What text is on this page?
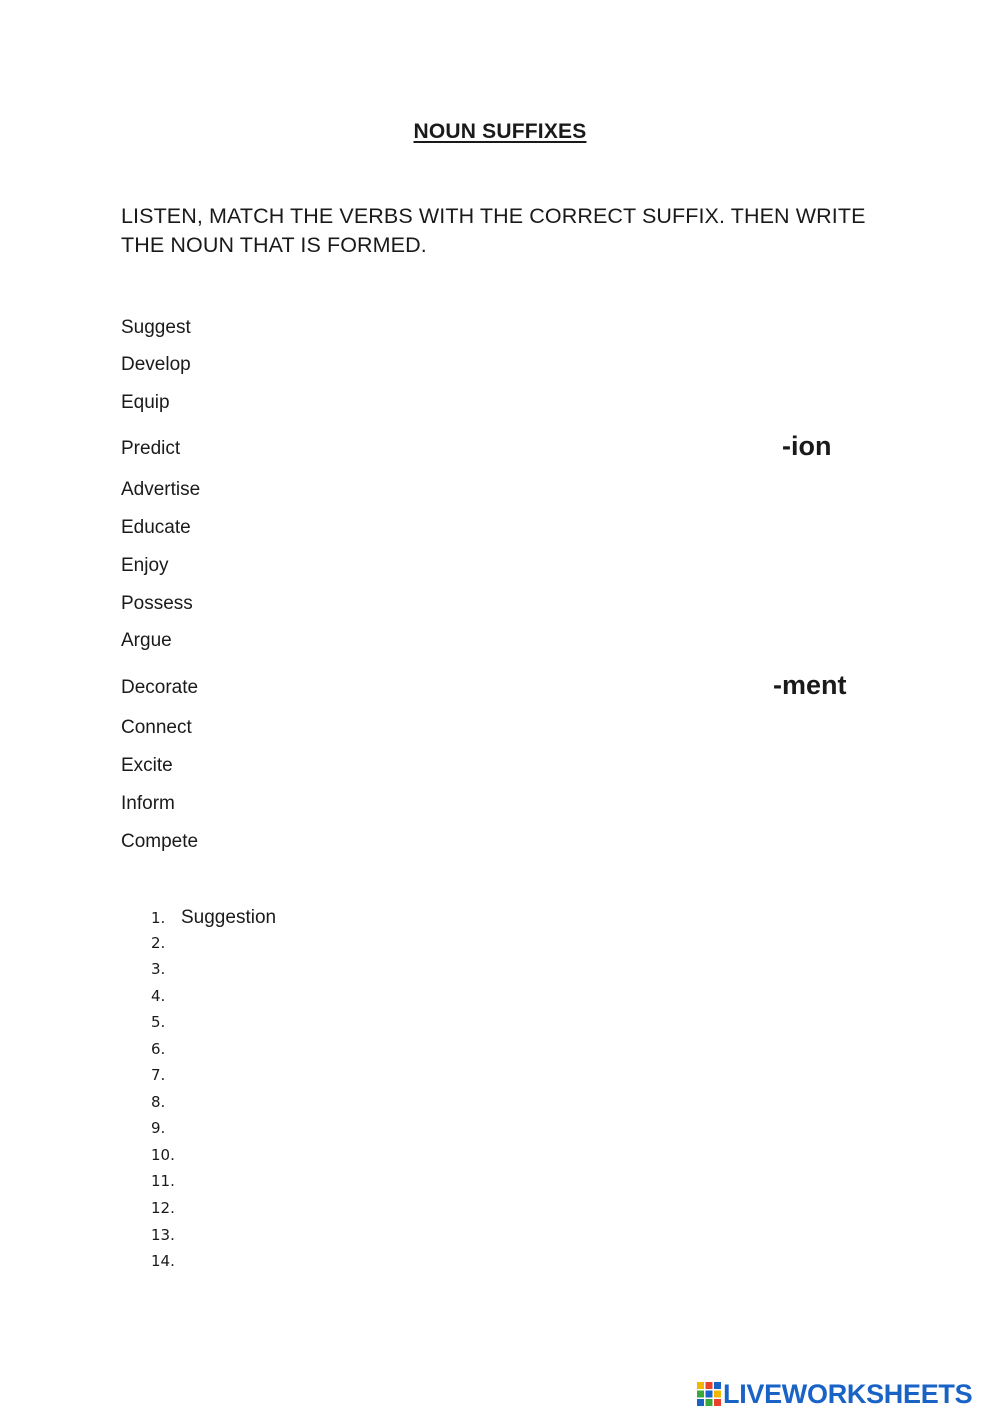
NOUN SUFFIXES
LISTEN, MATCH THE VERBS WITH THE CORRECT SUFFIX. THEN WRITE THE NOUN THAT IS FORMED.
Suggest
Develop
Equip
Predict
Advertise
Educate
Enjoy
Possess
Argue
Decorate
Connect
Excite
Inform
Compete
-ion
-ment
1. Suggestion
2.
3.
4.
5.
6.
7.
8.
9.
10.
11.
12.
13.
14.
LIVEWORKSHEETS
